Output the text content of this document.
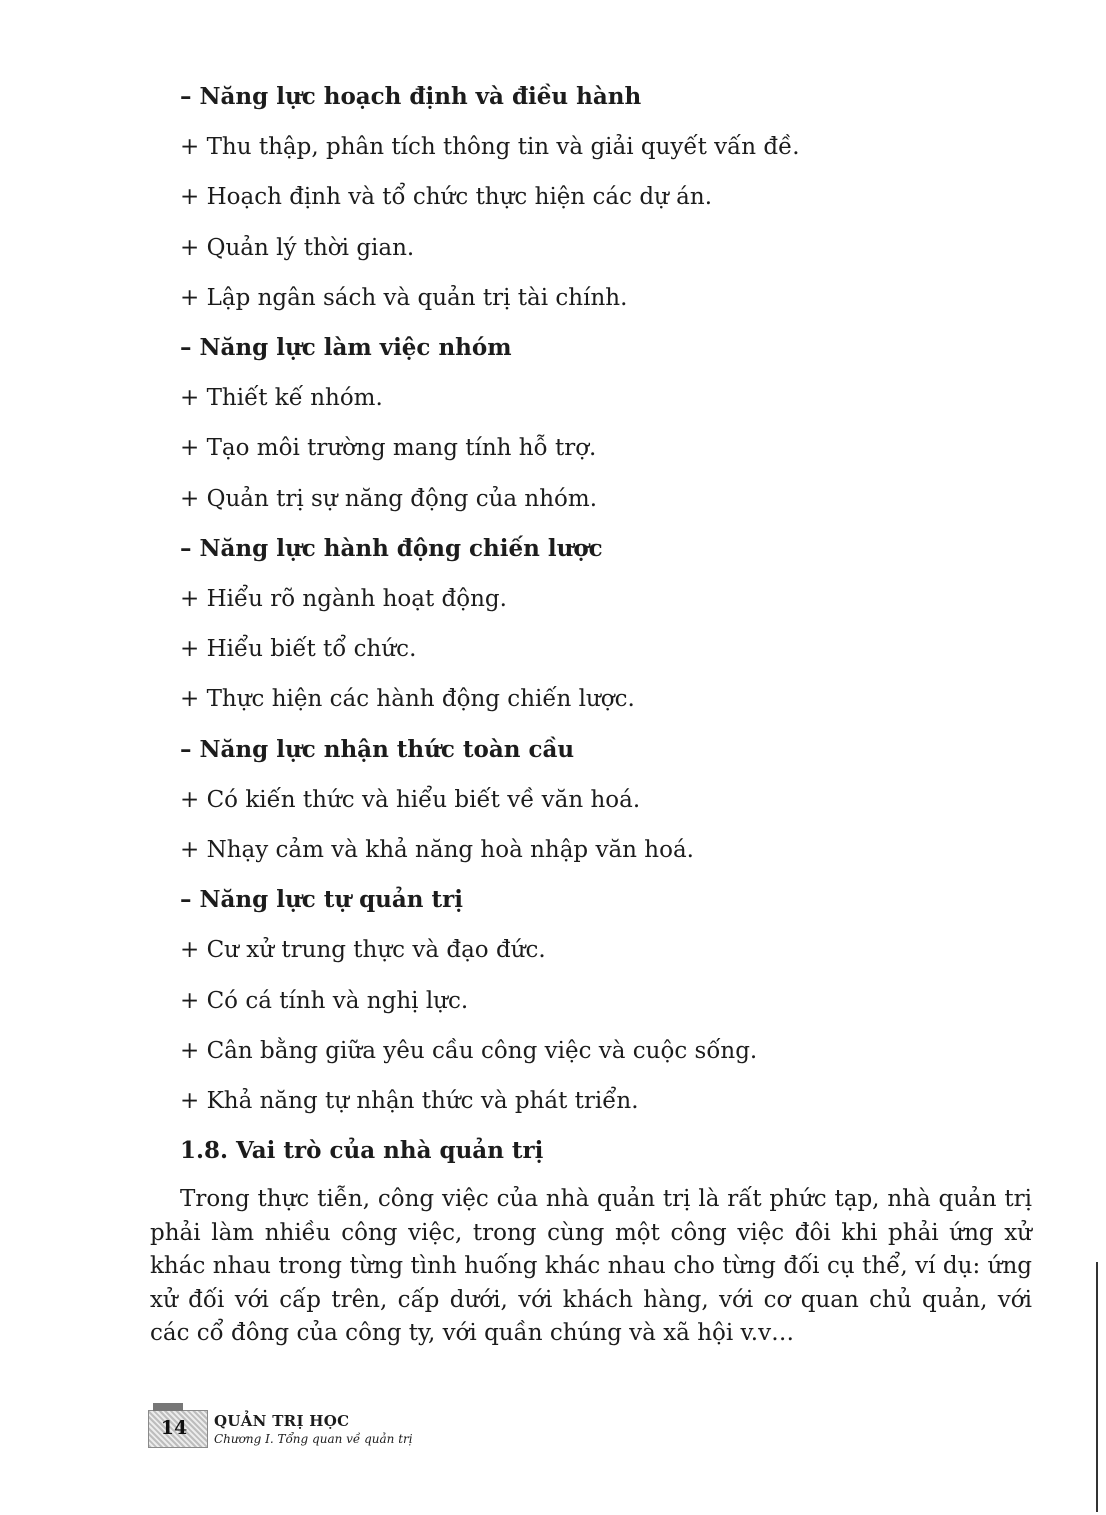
– Năng lực hoạch định và điều hành
+ Thu thập, phân tích thông tin và giải quyết vấn đề.
+ Hoạch định và tổ chức thực hiện các dự án.
+ Quản lý thời gian.
+ Lập ngân sách và quản trị tài chính.
– Năng lực làm việc nhóm
+ Thiết kế nhóm.
+ Tạo môi trường mang tính hỗ trợ.
+ Quản trị sự năng động của nhóm.
– Năng lực hành động chiến lược
+ Hiểu rõ ngành hoạt động.
+ Hiểu biết tổ chức.
+ Thực hiện các hành động chiến lược.
– Năng lực nhận thức toàn cầu
+ Có kiến thức và hiểu biết về văn hoá.
+ Nhạy cảm và khả năng hoà nhập văn hoá.
– Năng lực tự quản trị
+ Cư xử trung thực và đạo đức.
+ Có cá tính và nghị lực.
+ Cân bằng giữa yêu cầu công việc và cuộc sống.
+ Khả năng tự nhận thức và phát triển.
1.8. Vai trò của nhà quản trị
Trong thực tiễn, công việc của nhà quản trị là rất phức tạp, nhà quản trị phải làm nhiều công việc, trong cùng một công việc đôi khi phải ứng xử khác nhau trong từng tình huống khác nhau cho từng đối cụ thể, ví dụ: ứng xử đối với cấp trên, cấp dưới, với khách hàng, với cơ quan chủ quản, với các cổ đông của công ty, với quần chúng và xã hội v.v…
14	QUẢN TRỊ HỌC
Chương I. Tổng quan về quản trị
